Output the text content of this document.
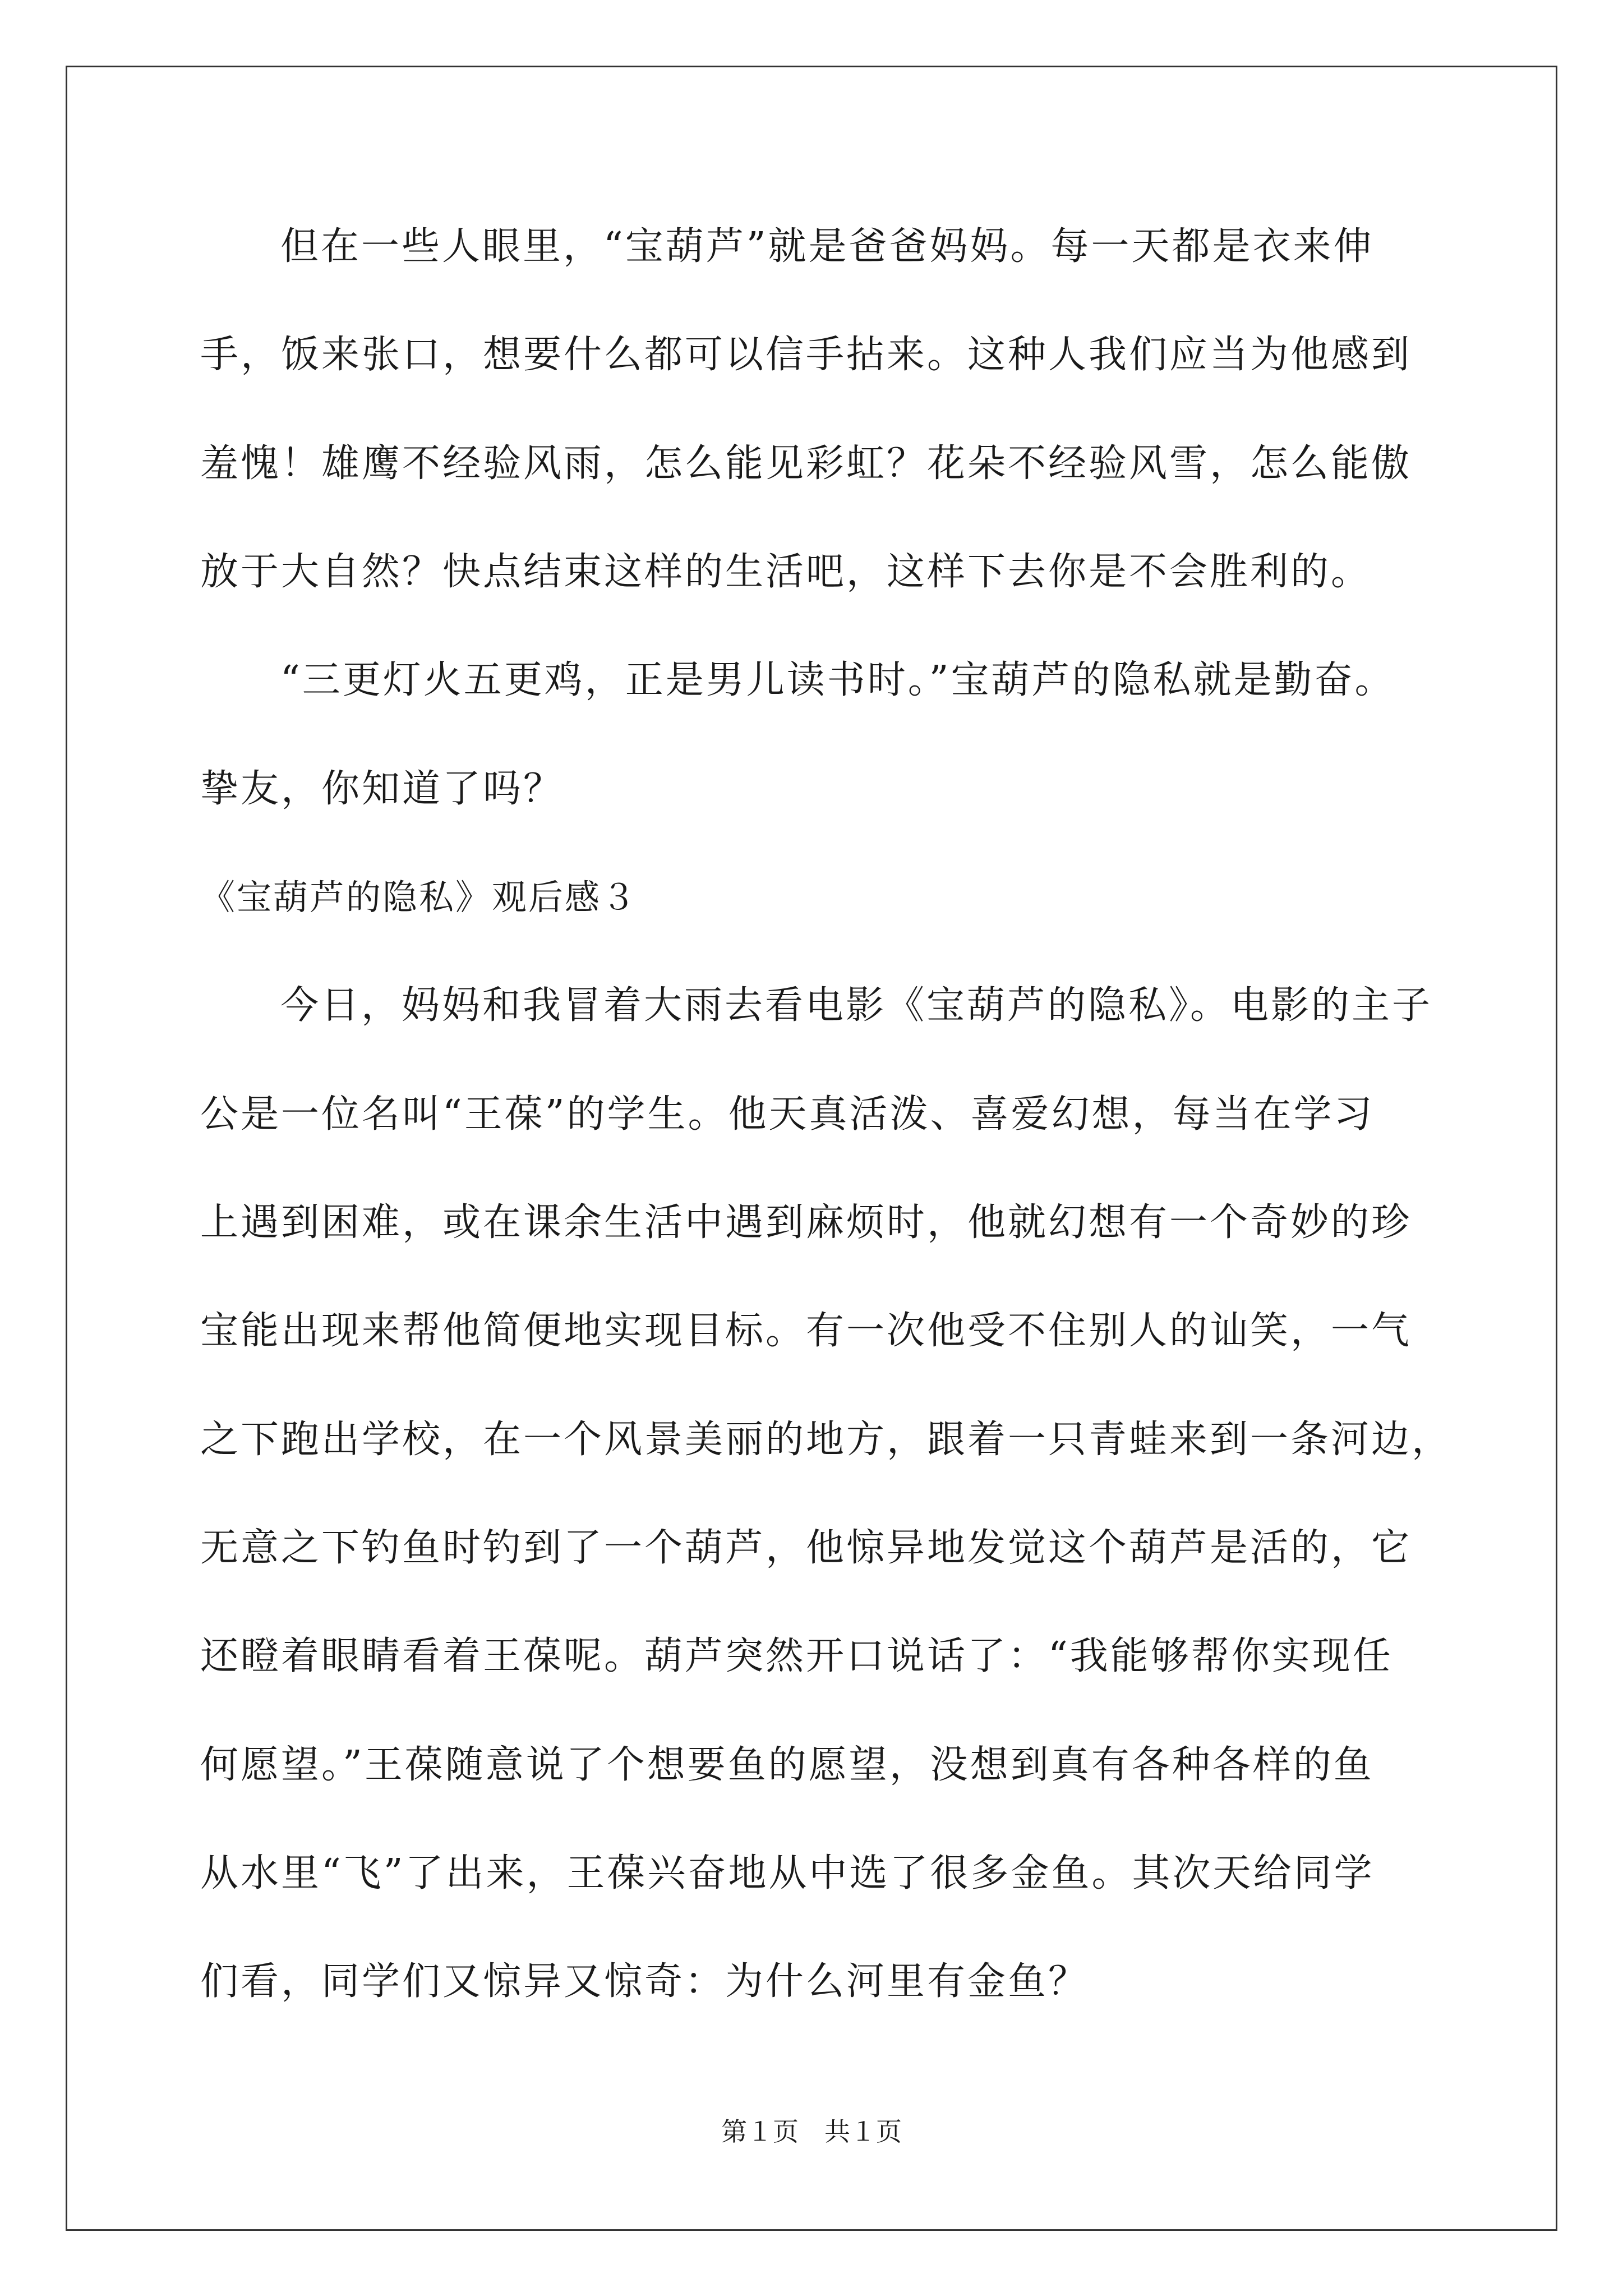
但在一些人眼里，“宝葫芦”就是爸爸妈妈。每一天都是衣来伸
手，饭来张口，想要什么都可以信手拈来。这种人我们应当为他感到
羞愧！雄鹰不经验风雨，怎么能见彩虹？花朵不经验风雪，怎么能傲
放于大自然？快点结束这样的生活吧，这样下去你是不会胜利的。
“三更灯火五更鸡，正是男儿读书时。”宝葫芦的隐私就是勤奋。
挚友，你知道了吗？
《宝葫芦的隐私》观后感３
今日，妈妈和我冒着大雨去看电影《宝葫芦的隐私》。电影的主子
公是一位名叫“王葆”的学生。他天真活泼、喜爱幻想，每当在学习
上遇到困难，或在课余生活中遇到麻烦时，他就幻想有一个奇妙的珍
宝能出现来帮他简便地实现目标。有一次他受不住别人的讪笑，一气
之下跑出学校，在一个风景美丽的地方，跟着一只青蛙来到一条河边，
无意之下钓鱼时钓到了一个葫芦，他惊异地发觉这个葫芦是活的，它
还瞪着眼睛看着王葆呢。葫芦突然开口说话了：“我能够帮你实现任
何愿望。”王葆随意说了个想要鱼的愿望，没想到真有各种各样的鱼
从水里“飞”了出来，王葆兴奋地从中选了很多金鱼。其次天给同学
们看，同学们又惊异又惊奇：为什么河里有金鱼？
第１页　共１页
